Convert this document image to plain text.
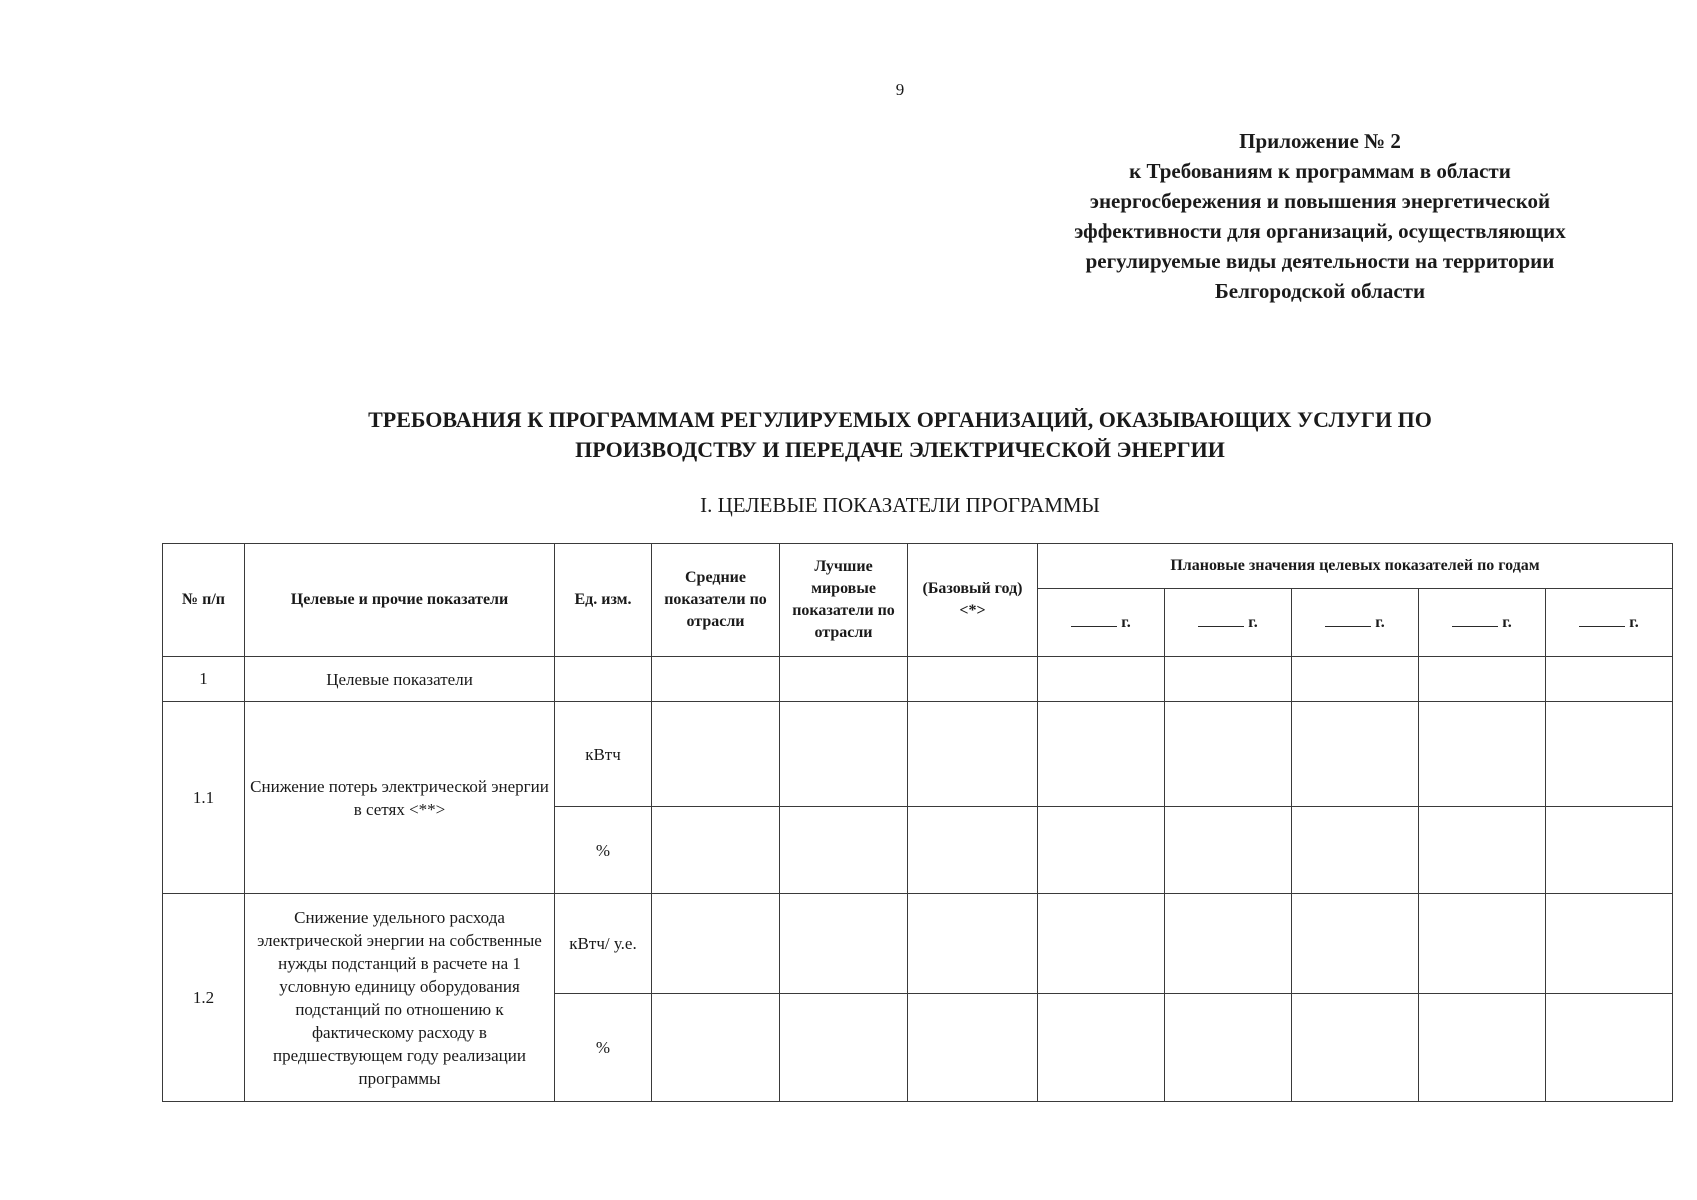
9
Приложение № 2
к Требованиям к программам в области
энергосбережения и повышения энергетической
эффективности для организаций, осуществляющих
регулируемые виды деятельности на территории
Белгородской области
ТРЕБОВАНИЯ К ПРОГРАММАМ РЕГУЛИРУЕМЫХ ОРГАНИЗАЦИЙ, ОКАЗЫВАЮЩИХ УСЛУГИ ПО
ПРОИЗВОДСТВУ И ПЕРЕДАЧЕ ЭЛЕКТРИЧЕСКОЙ ЭНЕРГИИ
I. ЦЕЛЕВЫЕ ПОКАЗАТЕЛИ ПРОГРАММЫ
№ п/п	Целевые и прочие показатели	Ед. изм.	Средние показатели по отрасли	Лучшие мировые показатели по отрасли	(Базовый год) <*>	Плановые значения целевых показателей по годам				
						г.	г.	г.	г.	г.
1	Целевые показатели									
1.1	Снижение потерь электрической энергии в сетях <**>	кВтч								
		%								
1.2	Снижение удельного расхода электрической энергии на собственные нужды подстанций в расчете на 1 условную единицу оборудования подстанций по отношению к фактическому расходу в предшествующем году реализации программы	кВтч/ у.е.								
		%								
